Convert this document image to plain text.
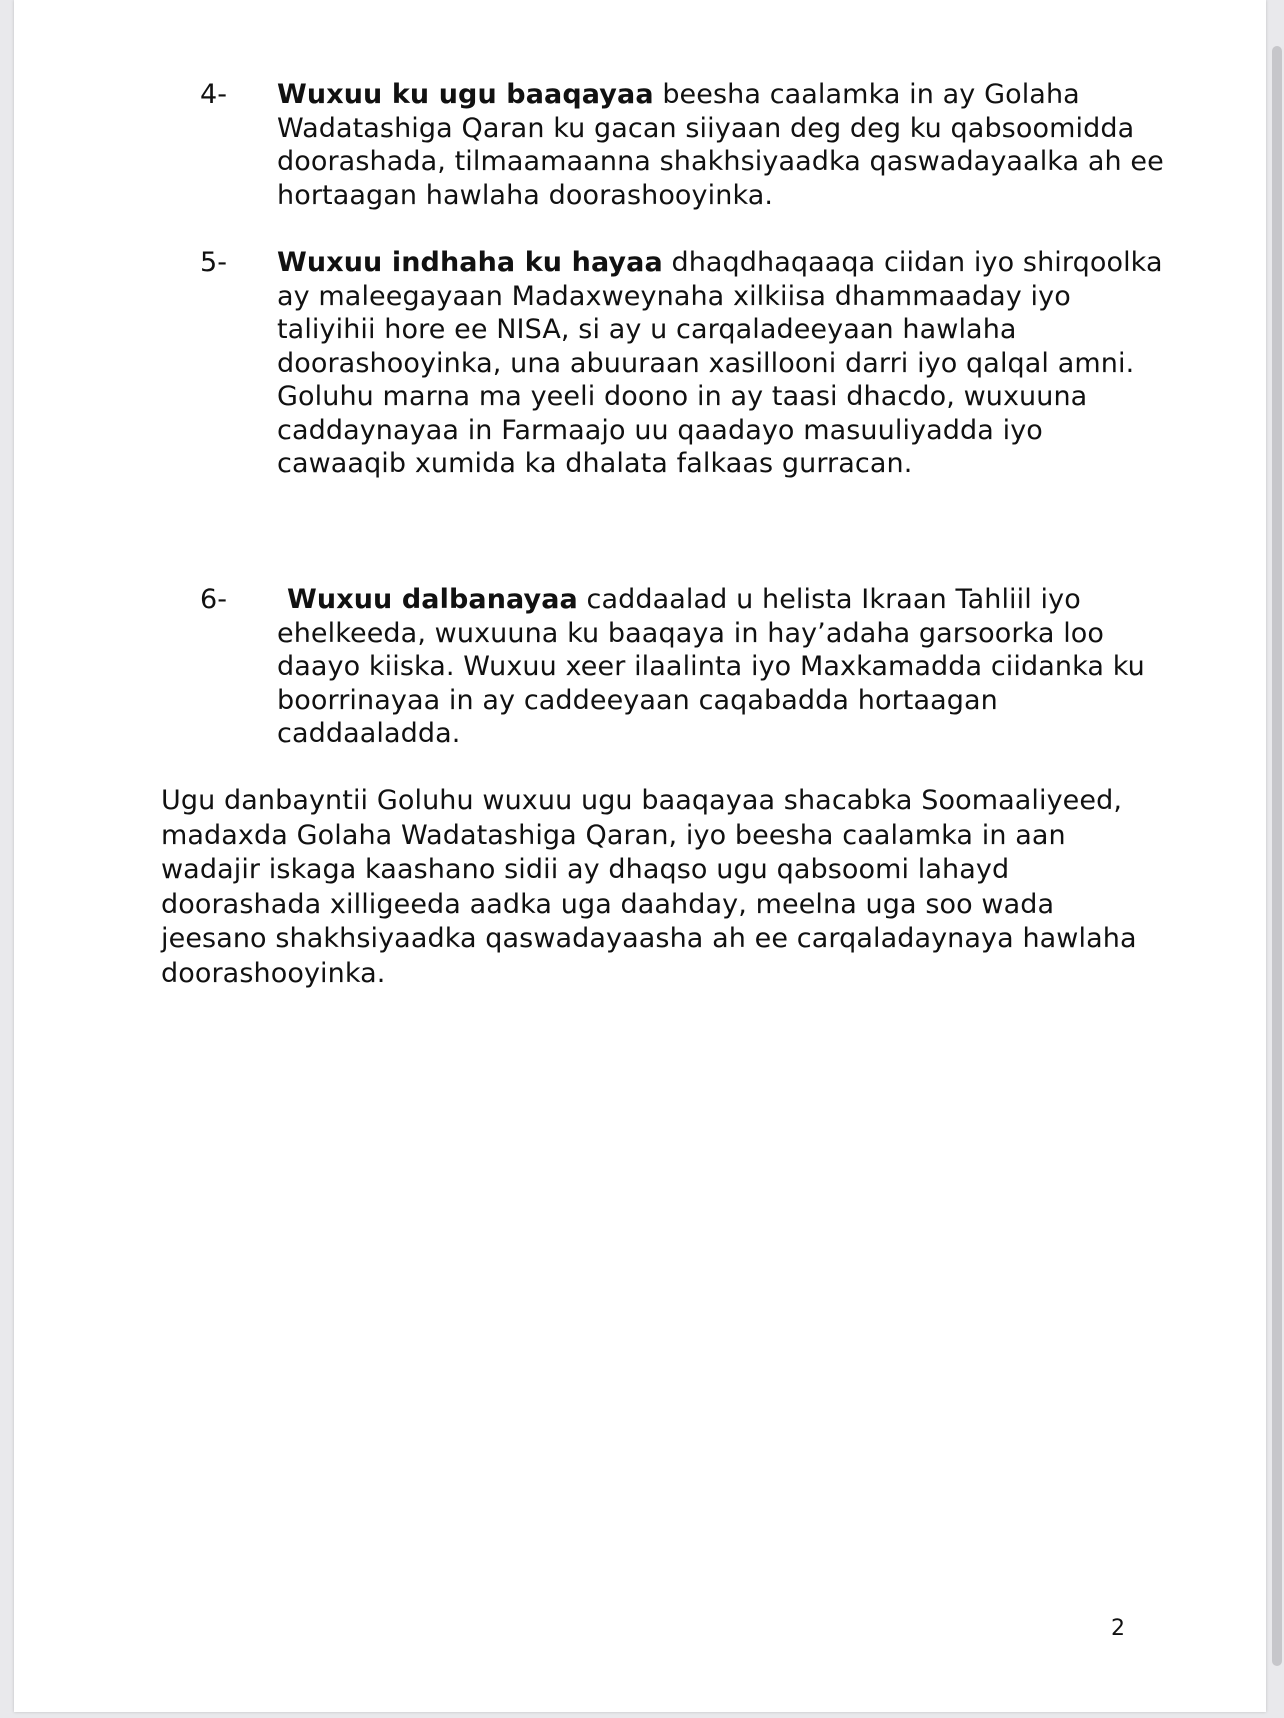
4- Wuxuu ku ugu baaqayaa beesha caalamka in ay Golaha Wadatashiga Qaran ku gacan siiyaan deg deg ku qabsoomidda doorashada, tilmaamaanna shakhsiyaadka qaswadayaalka ah ee hortaagan hawlaha doorashooyinka.
5- Wuxuu indhaha ku hayaa dhaqdhaqaaqa ciidan iyo shirqoolka ay maleegayaan Madaxweynaha xilkiisa dhammaaday iyo taliyihii hore ee NISA, si ay u carqaladeeyaan hawlaha doorashooyinka, una abuuraan xasillooni darri iyo qalqal amni. Goluhu marna ma yeeli doono in ay taasi dhacdo, wuxuuna caddaynayaa in Farmaajo uu qaadayo masuuliyadda iyo cawaaqib xumida ka dhalata falkaas gurracan.
6-	Wuxuu dalbanayaa caddaalad u helista Ikraan Tahliil iyo ehelkeeda, wuxuuna ku baaqaya in hay’adaha garsoorka loo daayo kiiska. Wuxuu xeer ilaalinta iyo Maxkamadda ciidanka ku boorrinayaa in ay caddeeyaan caqabadda hortaagan caddaaladda.
Ugu danbayntii Goluhu wuxuu ugu baaqayaa shacabka Soomaaliyeed, madaxda Golaha Wadatashiga Qaran, iyo beesha caalamka in aan wadajir iskaga kaashano sidii ay dhaqso ugu qabsoomi lahayd doorashada xilligeeda aadka uga daahday, meelna uga soo wada jeesano shakhsiyaadka qaswadayaasha ah ee carqaladaynaya hawlaha doorashooyinka.
2
